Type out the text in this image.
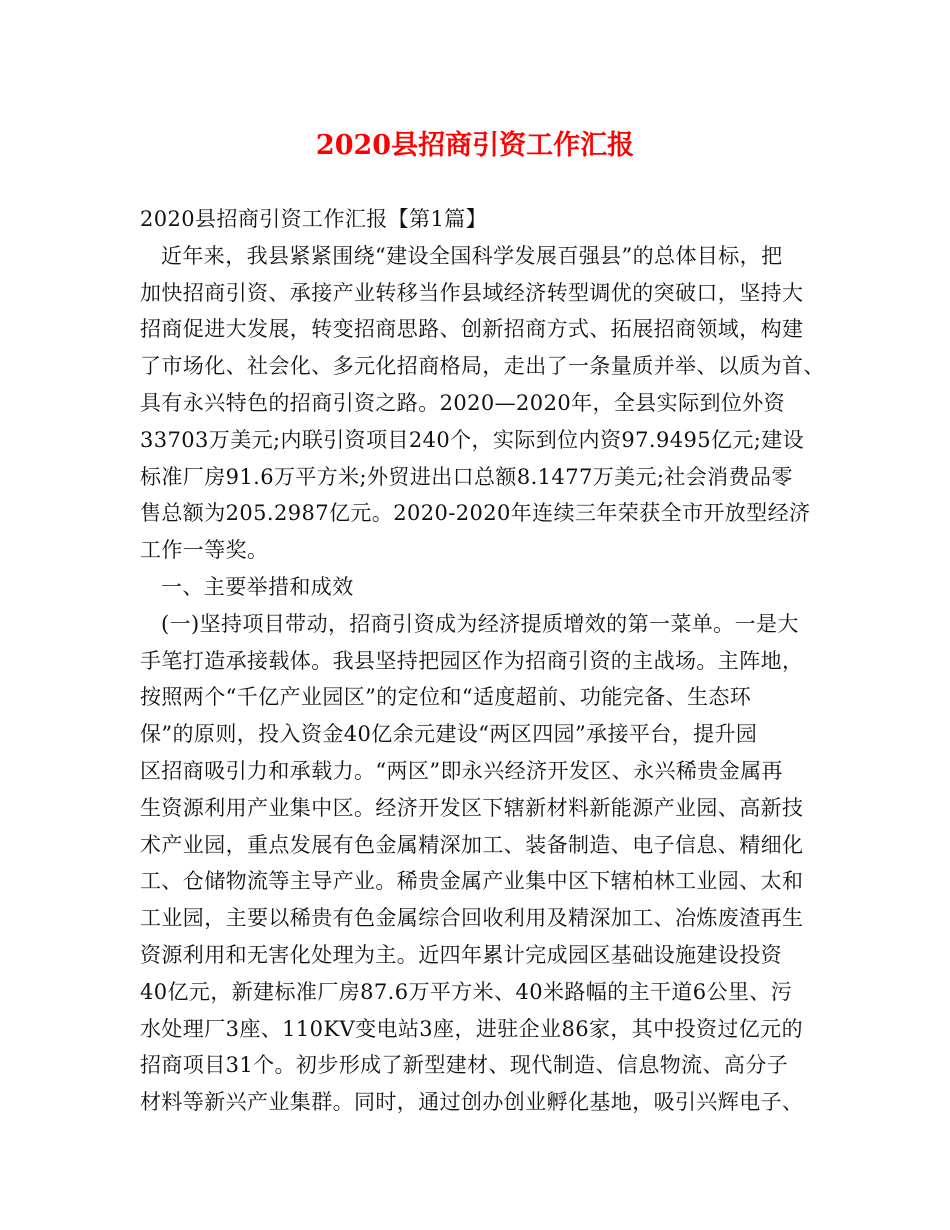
2020县招商引资工作汇报
2020县招商引资工作汇报【第1篇】
近年来，我县紧紧围绕“建设全国科学发展百强县”的总体目标，把
加快招商引资、承接产业转移当作县域经济转型调优的突破口，坚持大
招商促进大发展，转变招商思路、创新招商方式、拓展招商领域，构建
了市场化、社会化、多元化招商格局，走出了一条量质并举、以质为首、
具有永兴特色的招商引资之路。2020—2020年，全县实际到位外资
33703万美元;内联引资项目240个，实际到位内资97.9495亿元;建设
标准厂房91.6万平方米;外贸进出口总额8.1477万美元;社会消费品零
售总额为205.2987亿元。2020-2020年连续三年荣获全市开放型经济
工作一等奖。
一、主要举措和成效
(一)坚持项目带动，招商引资成为经济提质增效的第一菜单。一是大
手笔打造承接载体。我县坚持把园区作为招商引资的主战场。主阵地，
按照两个“千亿产业园区”的定位和“适度超前、功能完备、生态环
保”的原则，投入资金40亿余元建设“两区四园”承接平台，提升园
区招商吸引力和承载力。“两区”即永兴经济开发区、永兴稀贵金属再
生资源利用产业集中区。经济开发区下辖新材料新能源产业园、高新技
术产业园，重点发展有色金属精深加工、装备制造、电子信息、精细化
工、仓储物流等主导产业。稀贵金属产业集中区下辖柏林工业园、太和
工业园，主要以稀贵有色金属综合回收利用及精深加工、冶炼废渣再生
资源利用和无害化处理为主。近四年累计完成园区基础设施建设投资
40亿元，新建标准厂房87.6万平方米、40米路幅的主干道6公里、污
水处理厂3座、110KV变电站3座，进驻企业86家，其中投资过亿元的
招商项目31个。初步形成了新型建材、现代制造、信息物流、高分子
材料等新兴产业集群。同时，通过创办创业孵化基地，吸引兴辉电子、
